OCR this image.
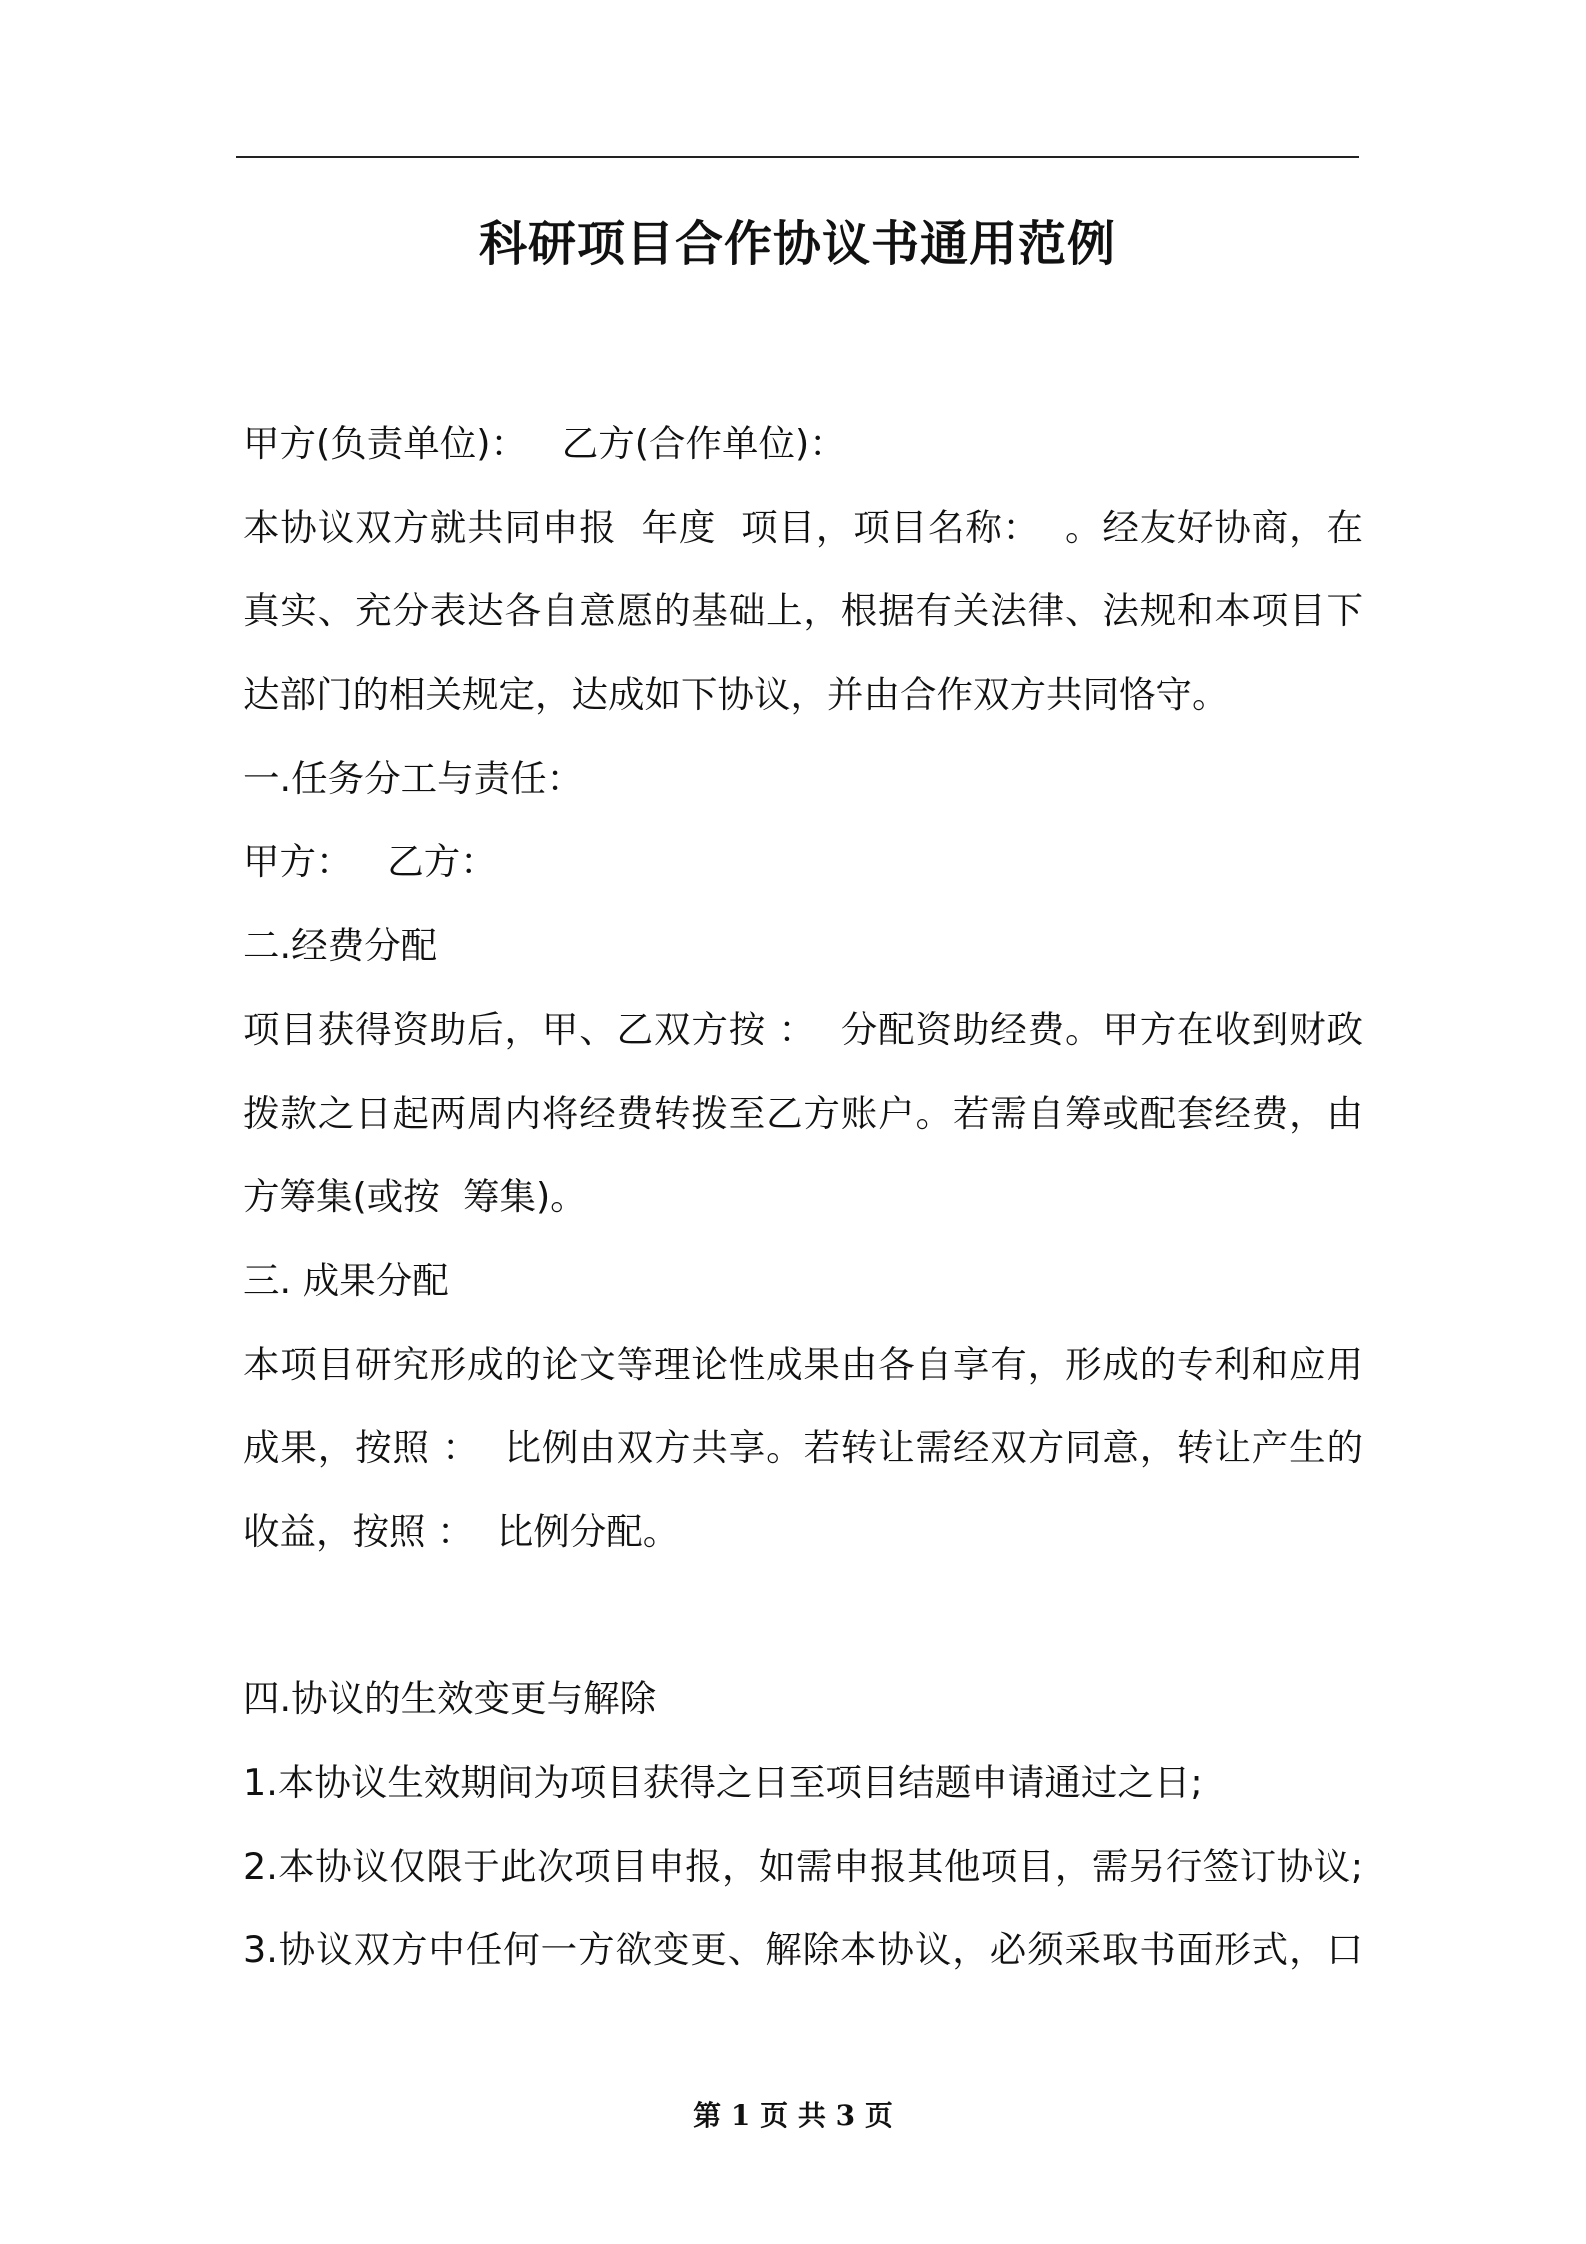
科研项目合作协议书通用范例
甲方(负责单位)：   乙方(合作单位)：
本协议双方就共同申报  年度  项目，项目名称：  。经友好协商，在
真实、充分表达各自意愿的基础上，根据有关法律、法规和本项目下
达部门的相关规定，达成如下协议，并由合作双方共同恪守。
一.任务分工与责任：
甲方：   乙方：
二.经费分配
项目获得资助后，甲、乙双方按 ：  分配资助经费。甲方在收到财政
拨款之日起两周内将经费转拨至乙方账户。若需自筹或配套经费，由
方筹集(或按  筹集)。
三. 成果分配
本项目研究形成的论文等理论性成果由各自享有，形成的专利和应用
成果，按照 ：  比例由双方共享。若转让需经双方同意，转让产生的
收益，按照 ：  比例分配。
四.协议的生效变更与解除
1.本协议生效期间为项目获得之日至项目结题申请通过之日;
2.本协议仅限于此次项目申报，如需申报其他项目，需另行签订协议;
3.协议双方中任何一方欲变更、解除本协议，必须采取书面形式，口
第 1 页 共 3 页
